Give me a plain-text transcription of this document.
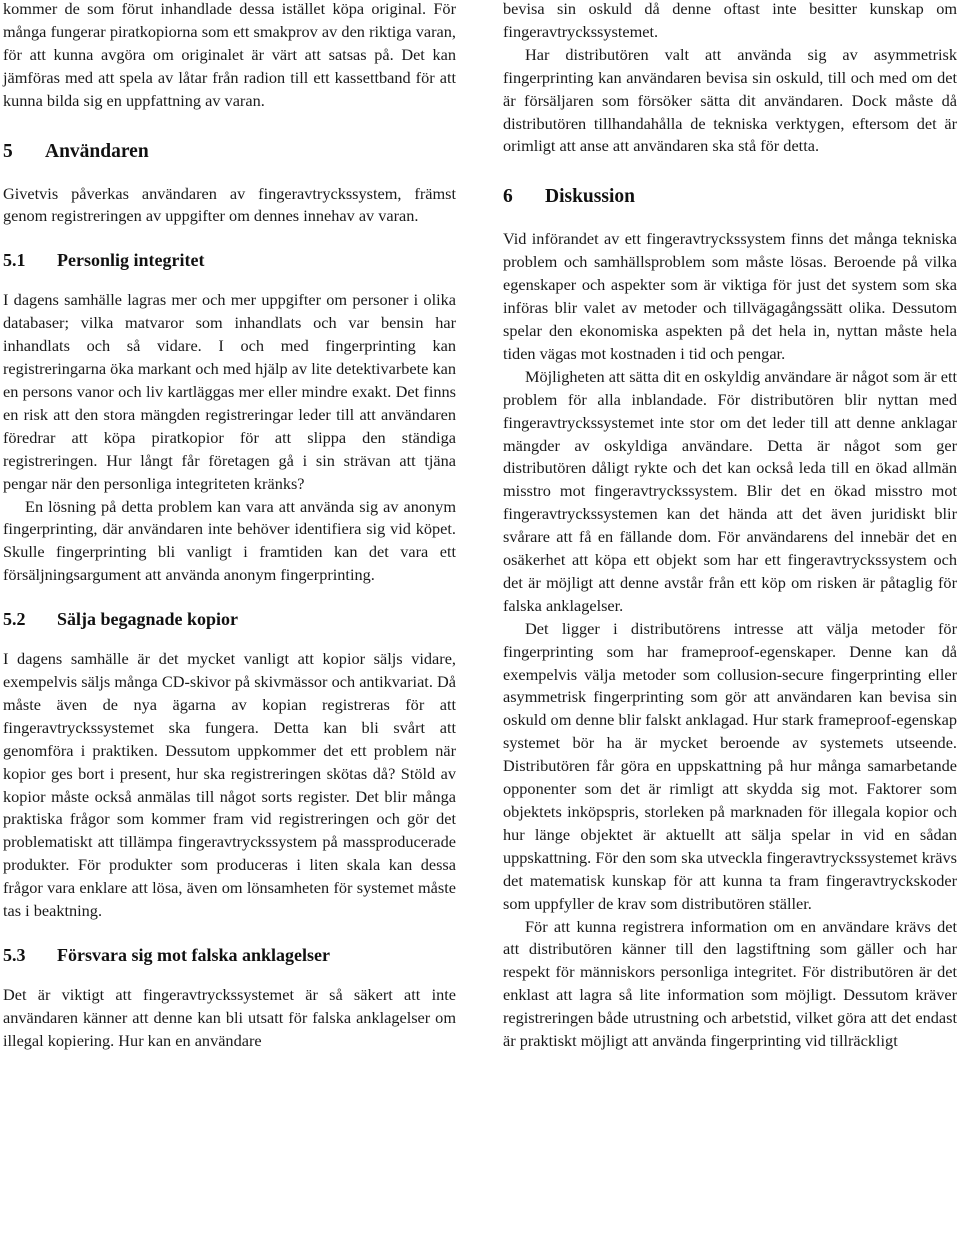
kommer de som förut inhandlade dessa istället köpa original. För många fungerar piratkopiorna som ett smakprov av den riktiga varan, för att kunna avgöra om originalet är värt att satsas på. Det kan jämföras med att spela av låtar från radion till ett kassettband för att kunna bilda sig en uppfattning av varan.

5 Användaren

Givetvis påverkas användaren av fingeravtryckssystem, främst genom registreringen av uppgifter om dennes innehav av varan.

5.1 Personlig integritet

I dagens samhälle lagras mer och mer uppgifter om personer i olika databaser; vilka matvaror som inhandlats och var bensin har inhandlats och så vidare. I och med fingerprinting kan registreringarna öka markant och med hjälp av lite detektivarbete kan en persons vanor och liv kartläggas mer eller mindre exakt. Det finns en risk att den stora mängden registreringar leder till att användaren föredrar att köpa piratkopior för att slippa den ständiga registreringen. Hur långt får företagen gå i sin strävan att tjäna pengar när den personliga integriteten kränks?

En lösning på detta problem kan vara att använda sig av anonym fingerprinting, där användaren inte behöver identifiera sig vid köpet. Skulle fingerprinting bli vanligt i framtiden kan det vara ett försäljningsargument att använda anonym fingerprinting.

5.2 Sälja begagnade kopior

I dagens samhälle är det mycket vanligt att kopior säljs vidare, exempelvis säljs många CD-skivor på skivmässor och antikvariat. Då måste även de nya ägarna av kopian registreras för att fingeravtryckssystemet ska fungera. Detta kan bli svårt att genomföra i praktiken. Dessutom uppkommer det ett problem när kopior ges bort i present, hur ska registreringen skötas då? Stöld av kopior måste också anmälas till något sorts register. Det blir många praktiska frågor som kommer fram vid registreringen och gör det problematiskt att tillämpa fingeravtryckssystem på massproducerade produkter. För produkter som produceras i liten skala kan dessa frågor vara enklare att lösa, även om lönsamheten för systemet måste tas i beaktning.

5.3 Försvara sig mot falska anklagelser

Det är viktigt att fingeravtryckssystemet är så säkert att inte användaren känner att denne kan bli utsatt för falska anklagelser om illegal kopiering. Hur kan en användare

bevisa sin oskuld då denne oftast inte besitter kunskap om fingeravtryckssystemet.

Har distributören valt att använda sig av asymmetrisk fingerprinting kan användaren bevisa sin oskuld, till och med om det är försäljaren som försöker sätta dit användaren. Dock måste då distributören tillhandahålla de tekniska verktygen, eftersom det är orimligt att anse att användaren ska stå för detta.

6 Diskussion

Vid införandet av ett fingeravtryckssystem finns det många tekniska problem och samhällsproblem som måste lösas. Beroende på vilka egenskaper och aspekter som är viktiga för just det system som ska införas blir valet av metoder och tillvägagångssätt olika. Dessutom spelar den ekonomiska aspekten på det hela in, nyttan måste hela tiden vägas mot kostnaden i tid och pengar.

Möjligheten att sätta dit en oskyldig användare är något som är ett problem för alla inblandade. För distributören blir nyttan med fingeravtryckssystemet inte stor om det leder till att denne anklagar mängder av oskyldiga användare. Detta är något som ger distributören dåligt rykte och det kan också leda till en ökad allmän misstro mot fingeravtryckssystem. Blir det en ökad misstro mot fingeravtryckssystemen kan det hända att det även juridiskt blir svårare att få en fällande dom. För användarens del innebär det en osäkerhet att köpa ett objekt som har ett fingeravtryckssystem och det är möjligt att denne avstår från ett köp om risken är påtaglig för falska anklagelser.

Det ligger i distributörens intresse att välja metoder för fingerprinting som har frameproof-egenskaper. Denne kan då exempelvis välja metoder som collusion-secure fingerprinting eller asymmetrisk fingerprinting som gör att användaren kan bevisa sin oskuld om denne blir falskt anklagad. Hur stark frameproof-egenskap systemet bör ha är mycket beroende av systemets utseende. Distributören får göra en uppskattning på hur många samarbetande opponenter som det är rimligt att skydda sig mot. Faktorer som objektets inköpspris, storleken på marknaden för illegala kopior och hur länge objektet är aktuellt att sälja spelar in vid en sådan uppskattning. För den som ska utveckla fingeravtryckssystemet krävs det matematisk kunskap för att kunna ta fram fingeravtryckskoder som uppfyller de krav som distributören ställer.

För att kunna registrera information om en användare krävs det att distributören känner till den lagstiftning som gäller och har respekt för människors personliga integritet. För distributören är det enklast att lagra så lite information som möjligt. Dessutom kräver registreringen både utrustning och arbetstid, vilket göra att det endast är praktiskt möjligt att använda fingerprinting vid tillräckligt
